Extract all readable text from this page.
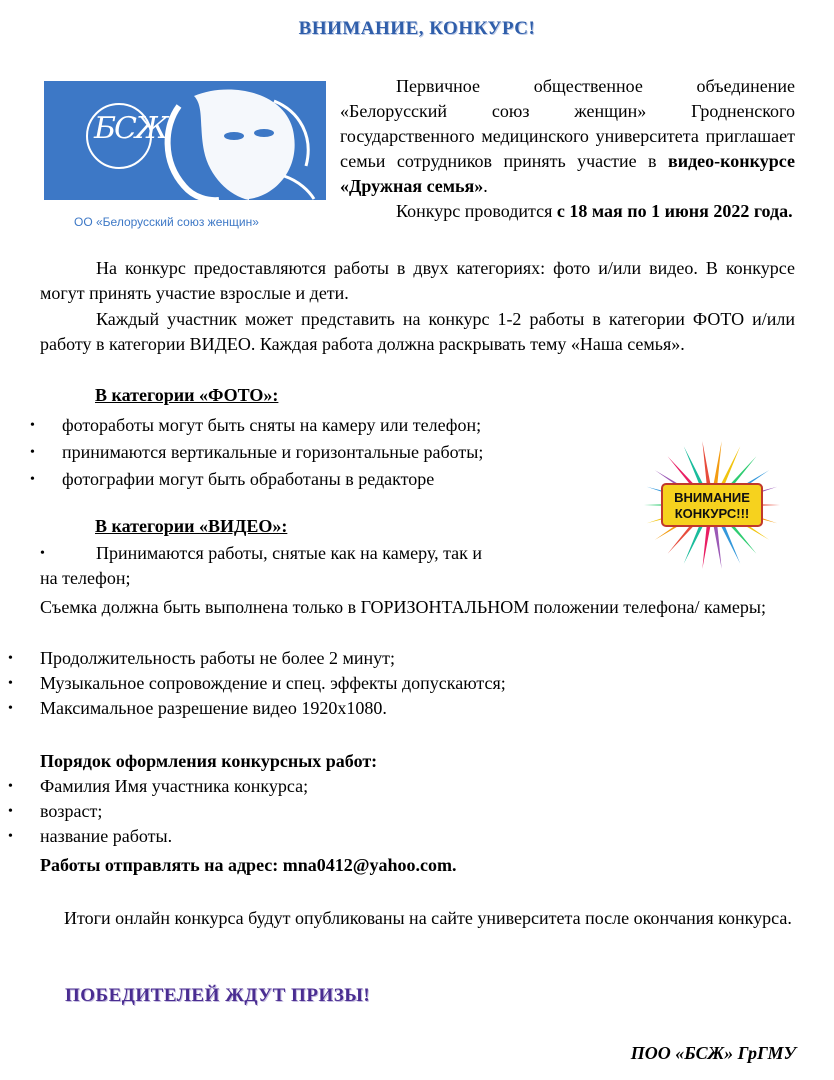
ВНИМАНИЕ, КОНКУРС!
БСЖ
ОО «Белорусский союз женщин»
Первичное общественное объединение «Белорусский союз женщин» Гродненского государственного медицинского университета приглашает семьи сотрудников принять участие в видео-конкурсе «Дружная семья».
Конкурс проводится с 18 мая по 1 июня 2022 года.
На конкурс предоставляются работы в двух категориях: фото и/или видео. В конкурсе могут принять участие взрослые и дети.
Каждый участник может представить на конкурс 1-2 работы в категории ФОТО и/или работу в категории ВИДЕО. Каждая работа должна раскрывать тему «Наша семья».
В категории «ФОТО»:
• фотоработы могут быть сняты на камеру или телефон;
• принимаются вертикальные и горизонтальные работы;
• фотографии могут быть обработаны в редакторе
ВНИМАНИЕ
КОНКУРС!!!
В категории «ВИДЕО»:
•	Принимаются работы, снятые как на камеру, так и
на телефон;
Съемка должна быть выполнена только в ГОРИЗОНТАЛЬНОМ положении телефона/ камеры;
• Продолжительность работы не более 2 минут;
• Музыкальное сопровождение и спец. эффекты допускаются;
• Максимальное разрешение видео 1920х1080.
Порядок оформления конкурсных работ:
• Фамилия Имя участника конкурса;
• возраст;
• название работы.
Работы отправлять на адрес: mna0412@yahoo.com.
Итоги онлайн конкурса будут опубликованы на сайте университета после окончания конкурса.
ПОБЕДИТЕЛЕЙ ЖДУТ ПРИЗЫ!
ПОО «БСЖ» ГрГМУ
